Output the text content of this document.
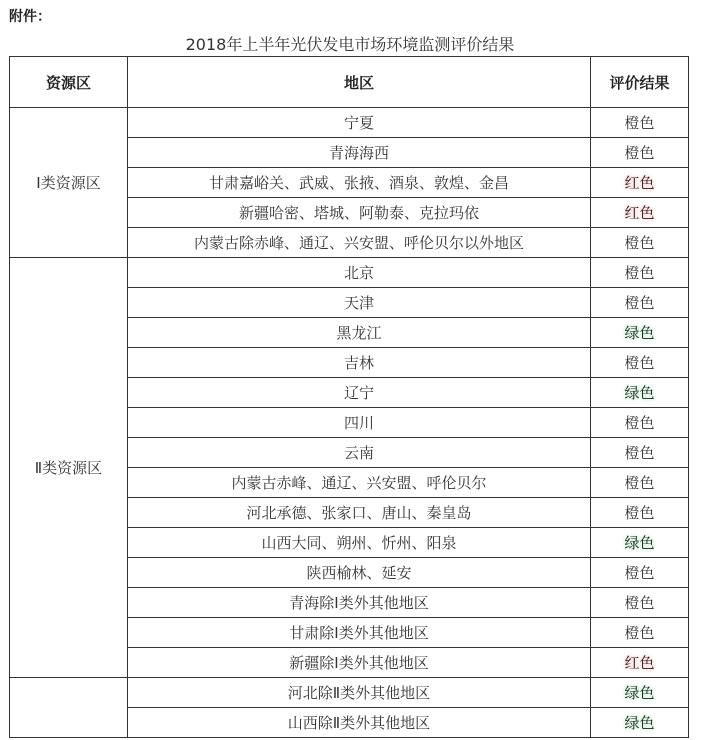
附件：

2018年上半年光伏发电市场环境监测评价结果

资源区	地区	评价结果
Ⅰ类资源区	宁夏	橙色
	青海海西	橙色
	甘肃嘉峪关、武威、张掖、酒泉、敦煌、金昌	红色
	新疆哈密、塔城、阿勒泰、克拉玛依	红色
	内蒙古除赤峰、通辽、兴安盟、呼伦贝尔以外地区	橙色
Ⅱ类资源区	北京	橙色
	天津	橙色
	黑龙江	绿色
	吉林	橙色
	辽宁	绿色
	四川	橙色
	云南	橙色
	内蒙古赤峰、通辽、兴安盟、呼伦贝尔	橙色
	河北承德、张家口、唐山、秦皇岛	橙色
	山西大同、朔州、忻州、阳泉	绿色
	陕西榆林、延安	橙色
	青海除Ⅰ类外其他地区	橙色
	甘肃除Ⅰ类外其他地区	橙色
	新疆除Ⅰ类外其他地区	红色
	河北除Ⅱ类外其他地区	绿色
	山西除Ⅱ类外其他地区	绿色
